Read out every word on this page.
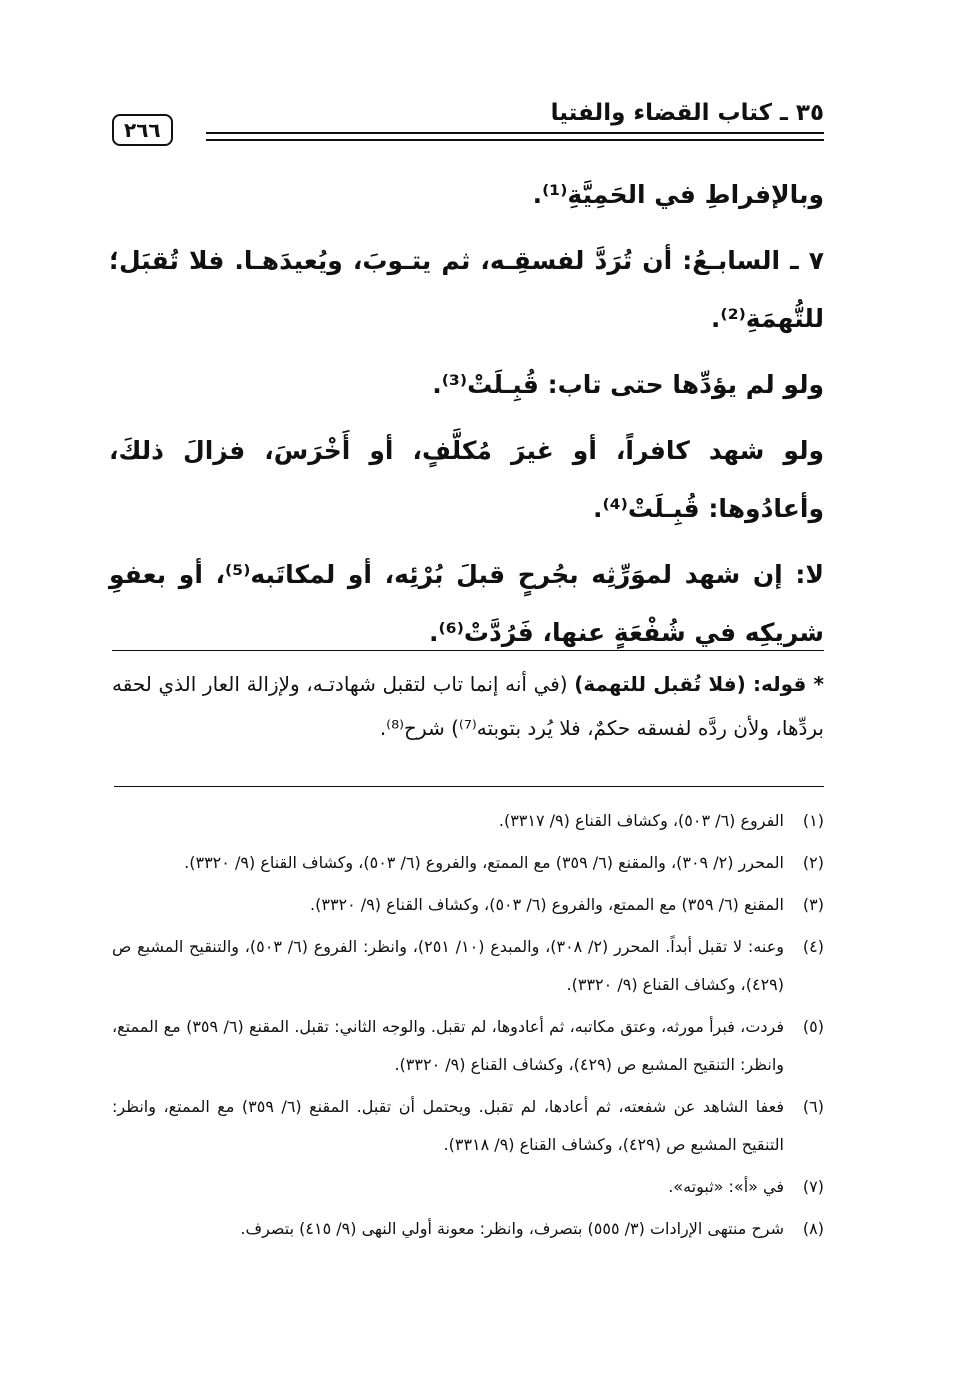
٣٥ ـ كتاب القضاء والفتيا
٢٦٦

وبالإفراطِ في الحَمِيَّةِ⁽¹⁾.

٧ ـ السابـعُ: أن تُرَدَّ لفسقِـه، ثم يتـوبَ، ويُعيدَهـا. فلا تُقبَل؛ للتُّهمَةِ⁽²⁾.

ولو لم يؤدِّها حتى تاب: قُبِـلَتْ⁽³⁾.

ولو شهد كافراً، أو غيرَ مُكلَّفٍ، أو أَخْرَسَ، فزالَ ذلكَ، وأعادُوها: قُبِـلَتْ⁽⁴⁾.

لا: إن شهد لموَرِّثِه بجُرحٍ قبلَ بُرْئِه، أو لمكاتَبه⁽⁵⁾، أو بعفوِ شريكِه في شُفْعَةٍ عنها، فَرُدَّتْ⁽⁶⁾.

* قوله: (فلا تُقبل للتهمة) (في أنه إنما تاب لتقبل شهادتـه، ولإزالة العار الذي لحقه بردِّها، ولأن ردَّه لفسقه حكمٌ، فلا يُرد بتوبته⁽⁷⁾) شرح⁽⁸⁾.

(١)
الفروع (٦/ ٥٠٣)، وكشاف القناع (٩/ ٣٣١٧).
(٢)
المحرر (٢/ ٣٠٩)، والمقنع (٦/ ٣٥٩) مع الممتع، والفروع (٦/ ٥٠٣)، وكشاف القناع (٩/ ٣٣٢٠).
(٣)
المقنع (٦/ ٣٥٩) مع الممتع، والفروع (٦/ ٥٠٣)، وكشاف القناع (٩/ ٣٣٢٠).
(٤)
وعنه: لا تقبل أبداً. المحرر (٢/ ٣٠٨)، والمبدع (١٠/ ٢٥١)، وانظر: الفروع (٦/ ٥٠٣)، والتنقيح المشبع ص (٤٢٩)، وكشاف القناع (٩/ ٣٣٢٠).
(٥)
فردت، فبرأ مورثه، وعتق مكاتبه، ثم أعادوها، لم تقبل. والوجه الثاني: تقبل. المقنع (٦/ ٣٥٩) مع الممتع، وانظر: التنقيح المشبع ص (٤٢٩)، وكشاف القناع (٩/ ٣٣٢٠).
(٦)
فعفا الشاهد عن شفعته، ثم أعادها، لم تقبل. ويحتمل أن تقبل. المقنع (٦/ ٣٥٩) مع الممتع، وانظر: التنقيح المشبع ص (٤٢٩)، وكشاف القناع (٩/ ٣٣١٨).
(٧)
في «أ»: «ثبوته».
(٨)
شرح منتهى الإرادات (٣/ ٥٥٥) بتصرف، وانظر: معونة أولي النهى (٩/ ٤١٥) بتصرف.
